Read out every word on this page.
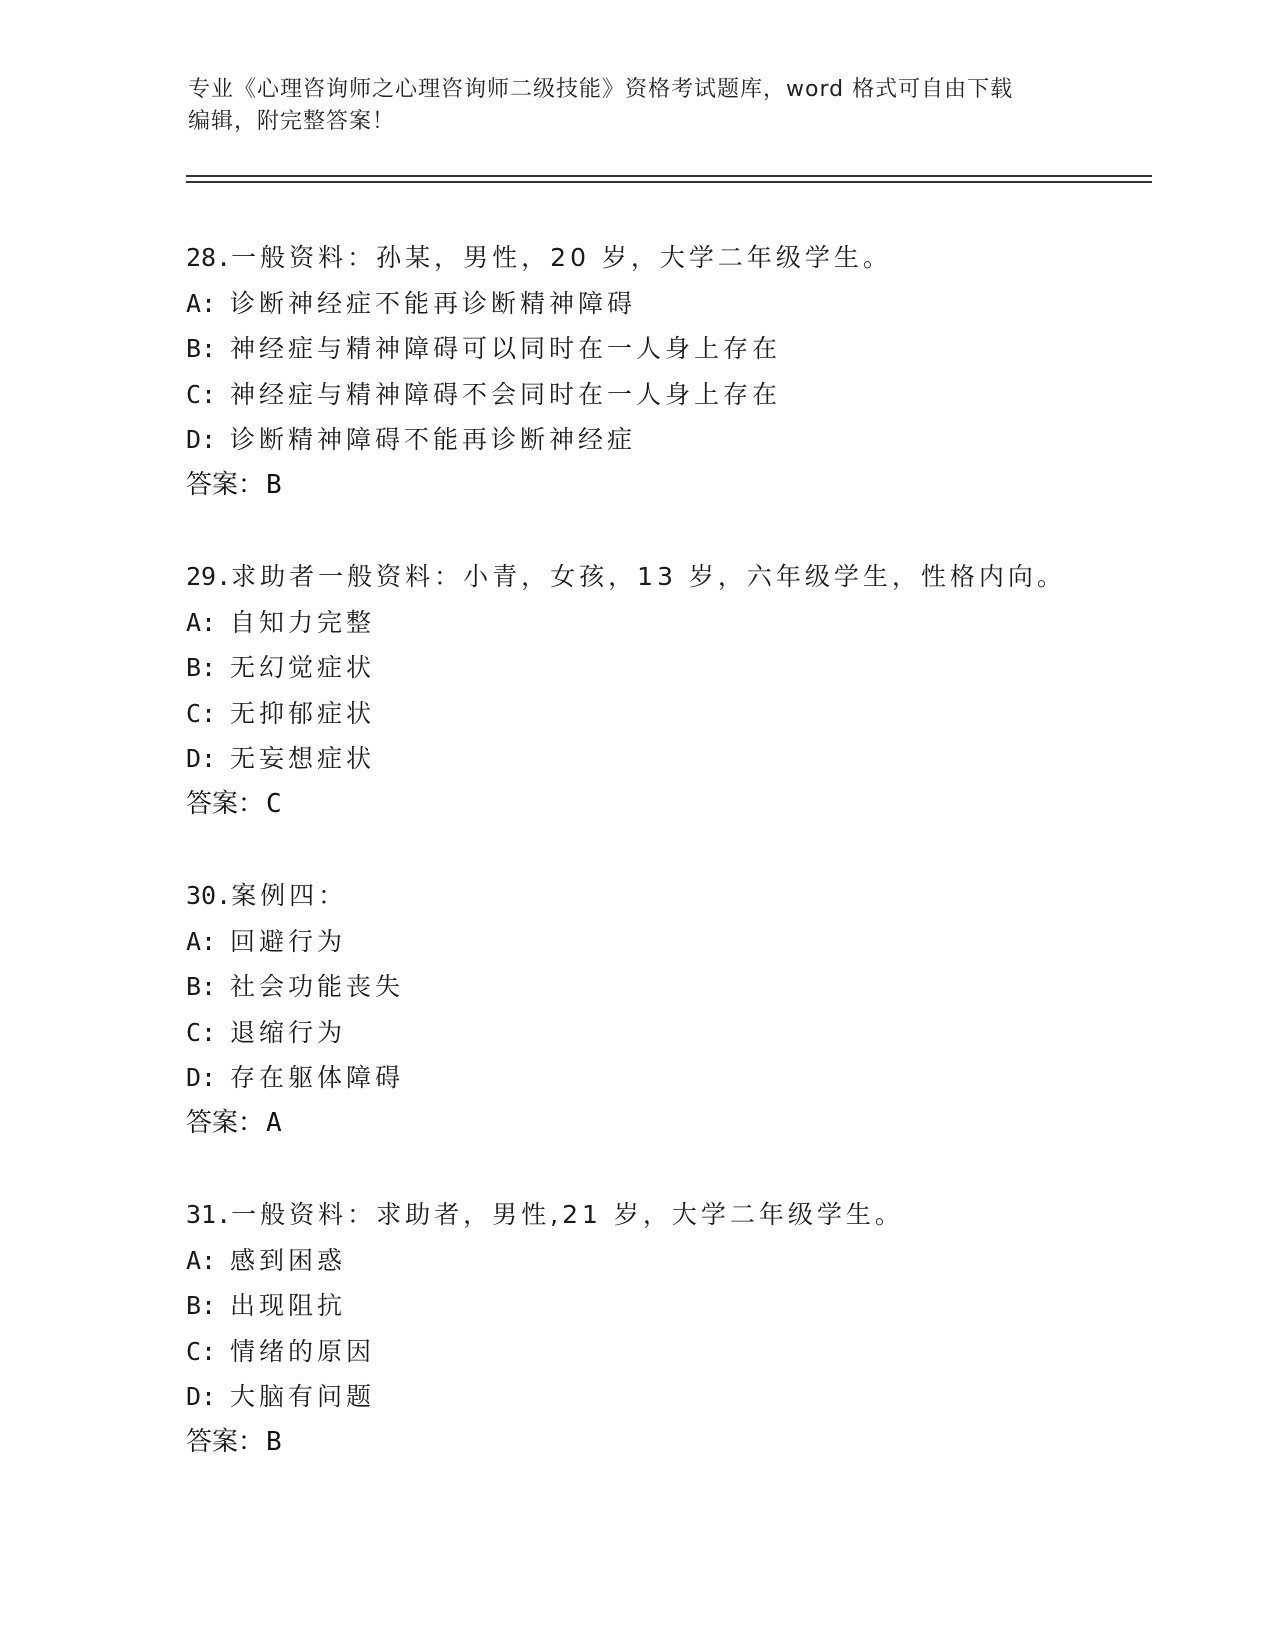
专业《心理咨询师之心理咨询师二级技能》资格考试题库，word 格式可自由下载
编辑，附完整答案！
28.一般资料：孙某，男性，20 岁，大学二年级学生。
A: 诊断神经症不能再诊断精神障碍
B: 神经症与精神障碍可以同时在一人身上存在
C: 神经症与精神障碍不会同时在一人身上存在
D: 诊断精神障碍不能再诊断神经症
答案：B
29.求助者一般资料：小青，女孩，13 岁，六年级学生，性格内向。
A: 自知力完整
B: 无幻觉症状
C: 无抑郁症状
D: 无妄想症状
答案：C
30.案例四：
A: 回避行为
B: 社会功能丧失
C: 退缩行为
D: 存在躯体障碍
答案：A
31.一般资料：求助者，男性,21 岁，大学二年级学生。
A: 感到困惑
B: 出现阻抗
C: 情绪的原因
D: 大脑有问题
答案：B
